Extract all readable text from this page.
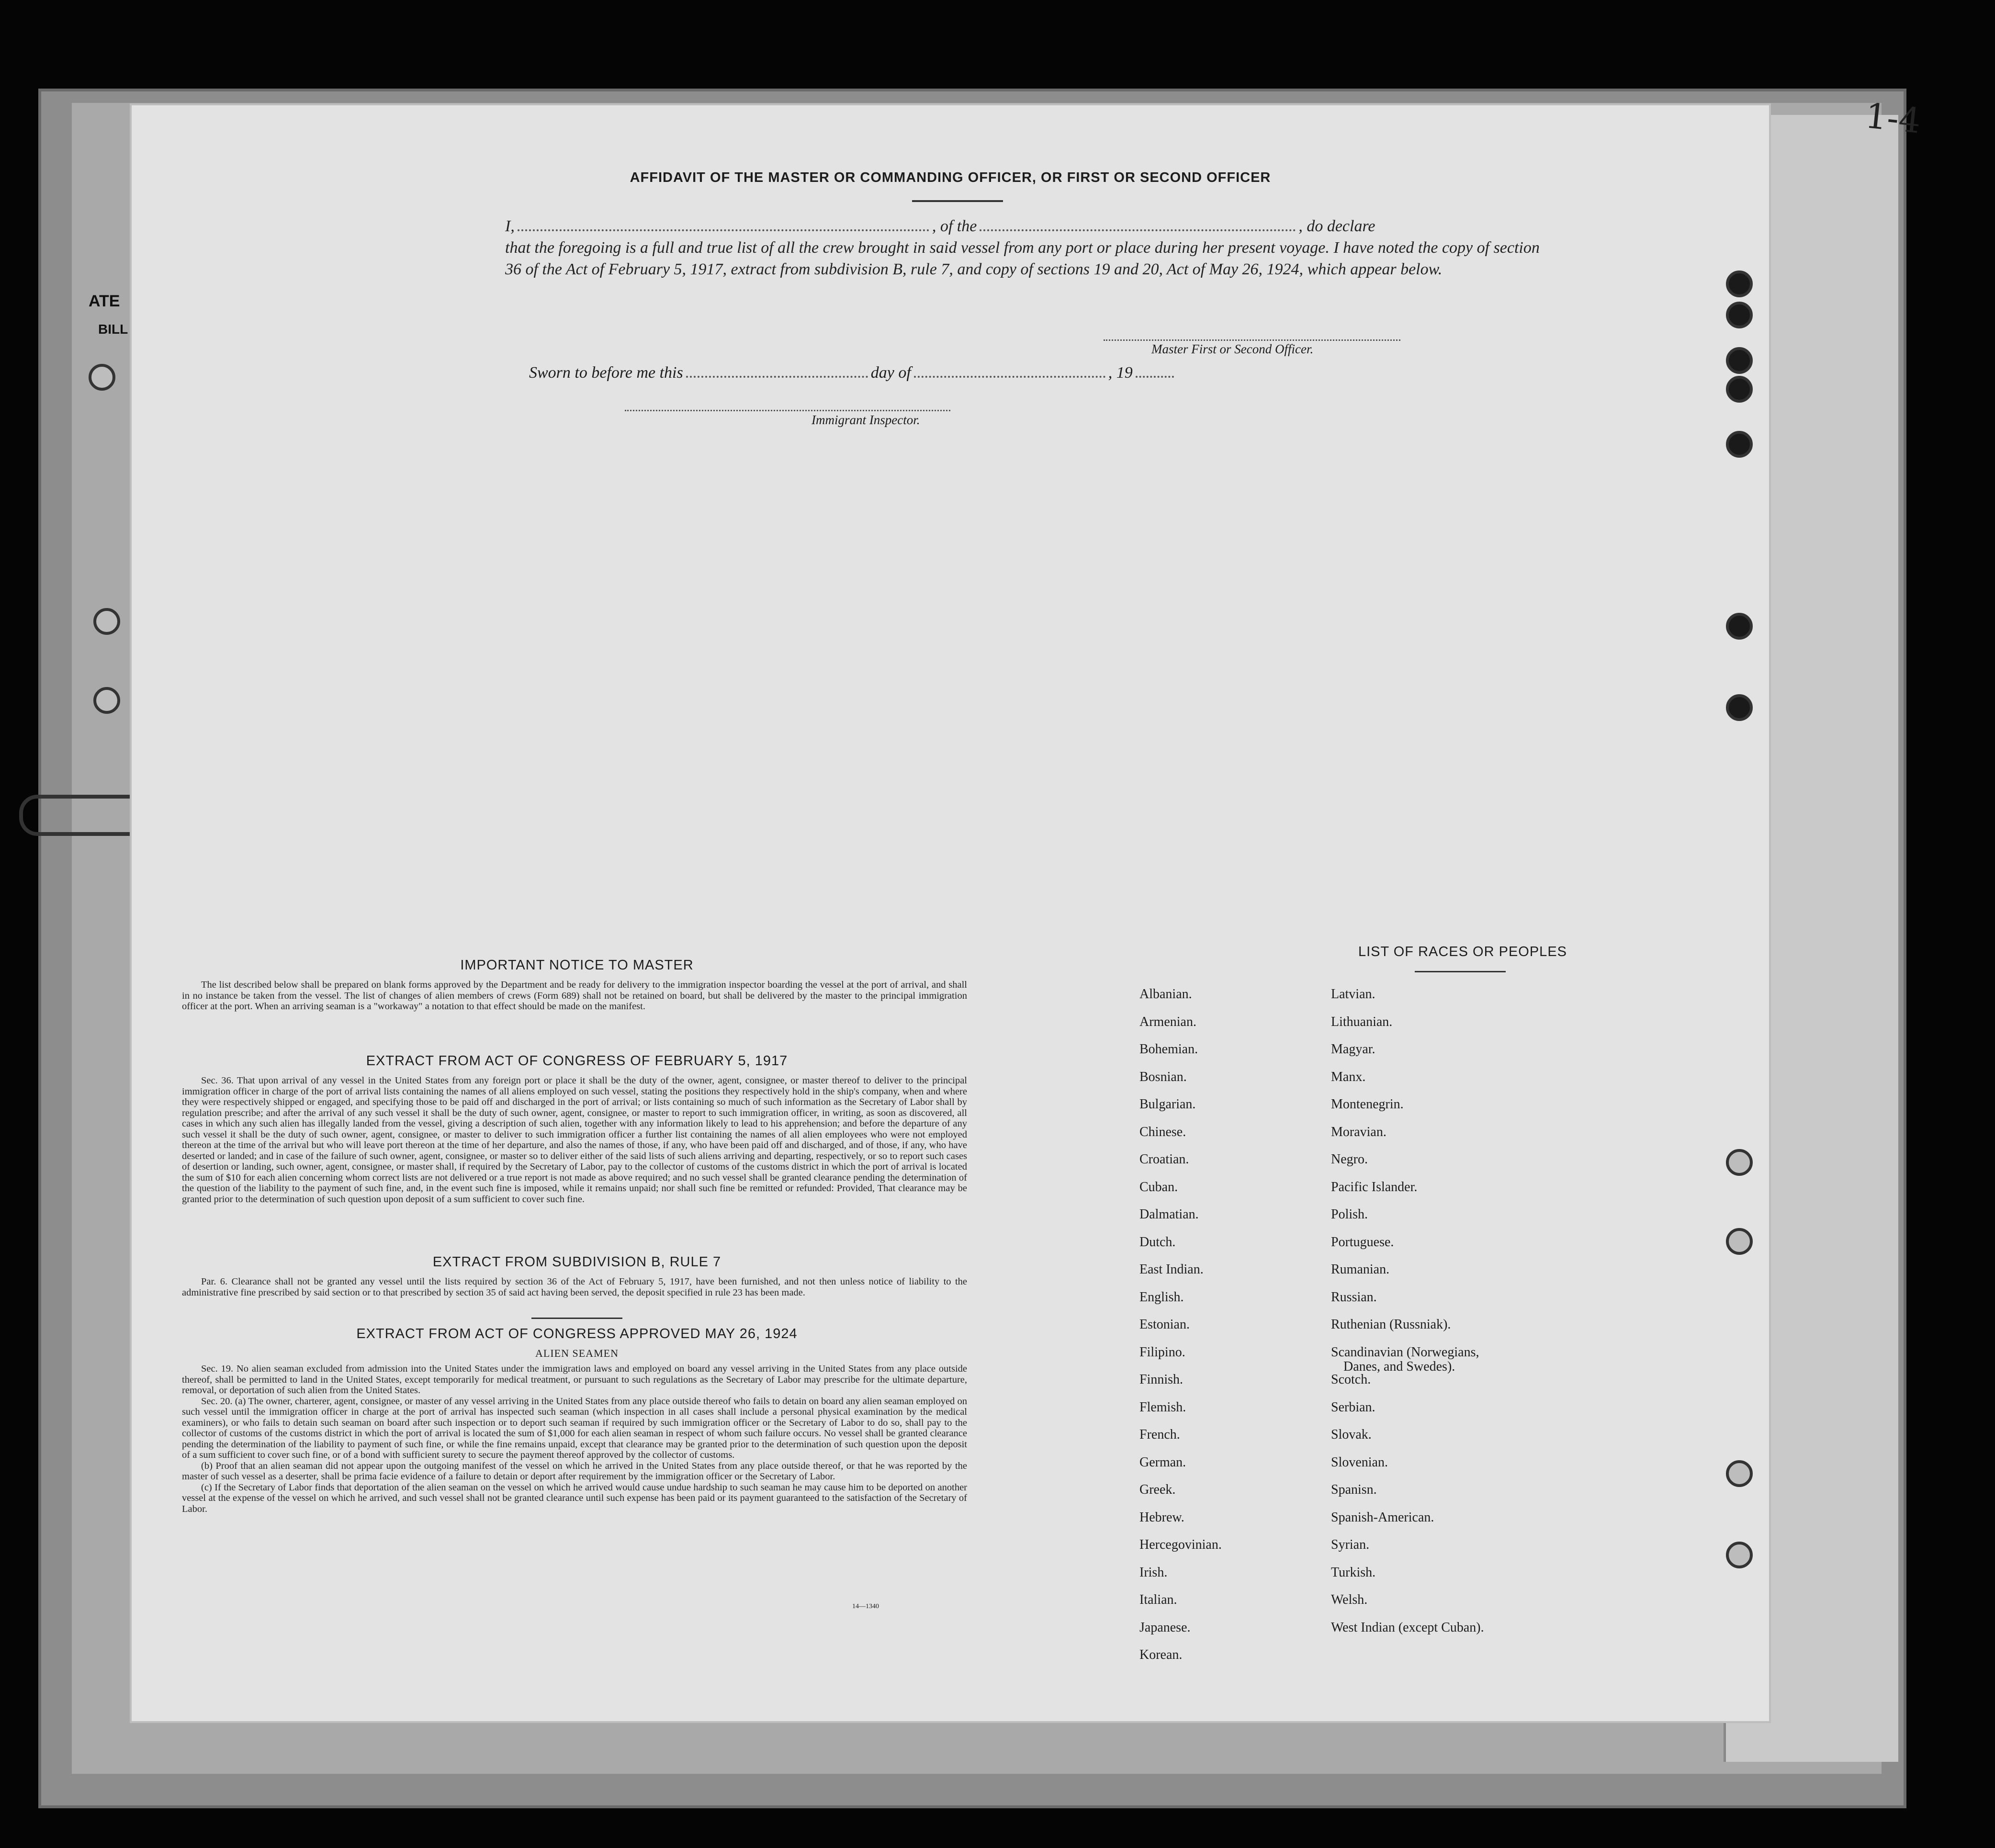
ATE
BILL
1-4
AFFIDAVIT OF THE MASTER OR COMMANDING OFFICER, OR FIRST OR SECOND OFFICER
I,	, of the	, do declare
that the foregoing is a full and true list of all the crew brought in said vessel from any port or place during her present voyage. I have noted the copy of section 36 of the Act of February 5, 1917, extract from subdivision B, rule 7, and copy of sections 19 and 20, Act of May 26, 1924, which appear below.
Master First or Second Officer.
Sworn to before me this	day of	, 19
Immigrant Inspector.
IMPORTANT NOTICE TO MASTER

The list described below shall be prepared on blank forms approved by the Department and be ready for delivery to the immigration inspector boarding the vessel at the port of arrival, and shall in no instance be taken from the vessel. The list of changes of alien members of crews (Form 689) shall not be retained on board, but shall be delivered by the master to the principal immigration officer at the port. When an arriving seaman is a "workaway" a notation to that effect should be made on the manifest.

EXTRACT FROM ACT OF CONGRESS OF FEBRUARY 5, 1917

Sec. 36. That upon arrival of any vessel in the United States from any foreign port or place it shall be the duty of the owner, agent, consignee, or master thereof to deliver to the principal immigration officer in charge of the port of arrival lists containing the names of all aliens employed on such vessel, stating the positions they respectively hold in the ship's company, when and where they were respectively shipped or engaged, and specifying those to be paid off and discharged in the port of arrival; or lists containing so much of such information as the Secretary of Labor shall by regulation prescribe; and after the arrival of any such vessel it shall be the duty of such owner, agent, consignee, or master to report to such immigration officer, in writing, as soon as discovered, all cases in which any such alien has illegally landed from the vessel, giving a description of such alien, together with any information likely to lead to his apprehension; and before the departure of any such vessel it shall be the duty of such owner, agent, consignee, or master to deliver to such immigration officer a further list containing the names of all alien employees who were not employed thereon at the time of the arrival but who will leave port thereon at the time of her departure, and also the names of those, if any, who have been paid off and discharged, and of those, if any, who have deserted or landed; and in case of the failure of such owner, agent, consignee, or master so to deliver either of the said lists of such aliens arriving and departing, respectively, or so to report such cases of desertion or landing, such owner, agent, consignee, or master shall, if required by the Secretary of Labor, pay to the collector of customs of the customs district in which the port of arrival is located the sum of $10 for each alien concerning whom correct lists are not delivered or a true report is not made as above required; and no such vessel shall be granted clearance pending the determination of the question of the liability to the payment of such fine, and, in the event such fine is imposed, while it remains unpaid; nor shall such fine be remitted or refunded: Provided, That clearance may be granted prior to the determination of such question upon deposit of a sum sufficient to cover such fine.

EXTRACT FROM SUBDIVISION B, RULE 7

Par. 6. Clearance shall not be granted any vessel until the lists required by section 36 of the Act of February 5, 1917, have been furnished, and not then unless notice of liability to the administrative fine prescribed by said section or to that prescribed by section 35 of said act having been served, the deposit specified in rule 23 has been made.

EXTRACT FROM ACT OF CONGRESS APPROVED MAY 26, 1924
ALIEN SEAMEN

Sec. 19. No alien seaman excluded from admission into the United States under the immigration laws and employed on board any vessel arriving in the United States from any place outside thereof, shall be permitted to land in the United States, except temporarily for medical treatment, or pursuant to such regulations as the Secretary of Labor may prescribe for the ultimate departure, removal, or deportation of such alien from the United States.

Sec. 20. (a) The owner, charterer, agent, consignee, or master of any vessel arriving in the United States from any place outside thereof who fails to detain on board any alien seaman employed on such vessel until the immigration officer in charge at the port of arrival has inspected such seaman (which inspection in all cases shall include a personal physical examination by the medical examiners), or who fails to detain such seaman on board after such inspection or to deport such seaman if required by such immigration officer or the Secretary of Labor to do so, shall pay to the collector of customs of the customs district in which the port of arrival is located the sum of $1,000 for each alien seaman in respect of whom such failure occurs. No vessel shall be granted clearance pending the determination of the liability to payment of such fine, or while the fine remains unpaid, except that clearance may be granted prior to the determination of such question upon the deposit of a sum sufficient to cover such fine, or of a bond with sufficient surety to secure the payment thereof approved by the collector of customs.

(b) Proof that an alien seaman did not appear upon the outgoing manifest of the vessel on which he arrived in the United States from any place outside thereof, or that he was reported by the master of such vessel as a deserter, shall be prima facie evidence of a failure to detain or deport after requirement by the immigration officer or the Secretary of Labor.

(c) If the Secretary of Labor finds that deportation of the alien seaman on the vessel on which he arrived would cause undue hardship to such seaman he may cause him to be deported on another vessel at the expense of the vessel on which he arrived, and such vessel shall not be granted clearance until such expense has been paid or its payment guaranteed to the satisfaction of the Secretary of Labor.

14—1340
LIST OF RACES OR PEOPLES
Albanian.
Armenian.
Bohemian.
Bosnian.
Bulgarian.
Chinese.
Croatian.
Cuban.
Dalmatian.
Dutch.
East Indian.
English.
Estonian.
Filipino.
Finnish.
Flemish.
French.
German.
Greek.
Hebrew.
Hercegovinian.
Irish.
Italian.
Japanese.
Korean.
Latvian.
Lithuanian.
Magyar.
Manx.
Montenegrin.
Moravian.
Negro.
Pacific Islander.
Polish.
Portuguese.
Rumanian.
Russian.
Ruthenian (Russniak).
Scandinavian (Norwegians,
Danes, and Swedes).
Scotch.
Serbian.
Slovak.
Slovenian.
Spanisn.
Spanish-American.
Syrian.
Turkish.
Welsh.
West Indian (except Cuban).
